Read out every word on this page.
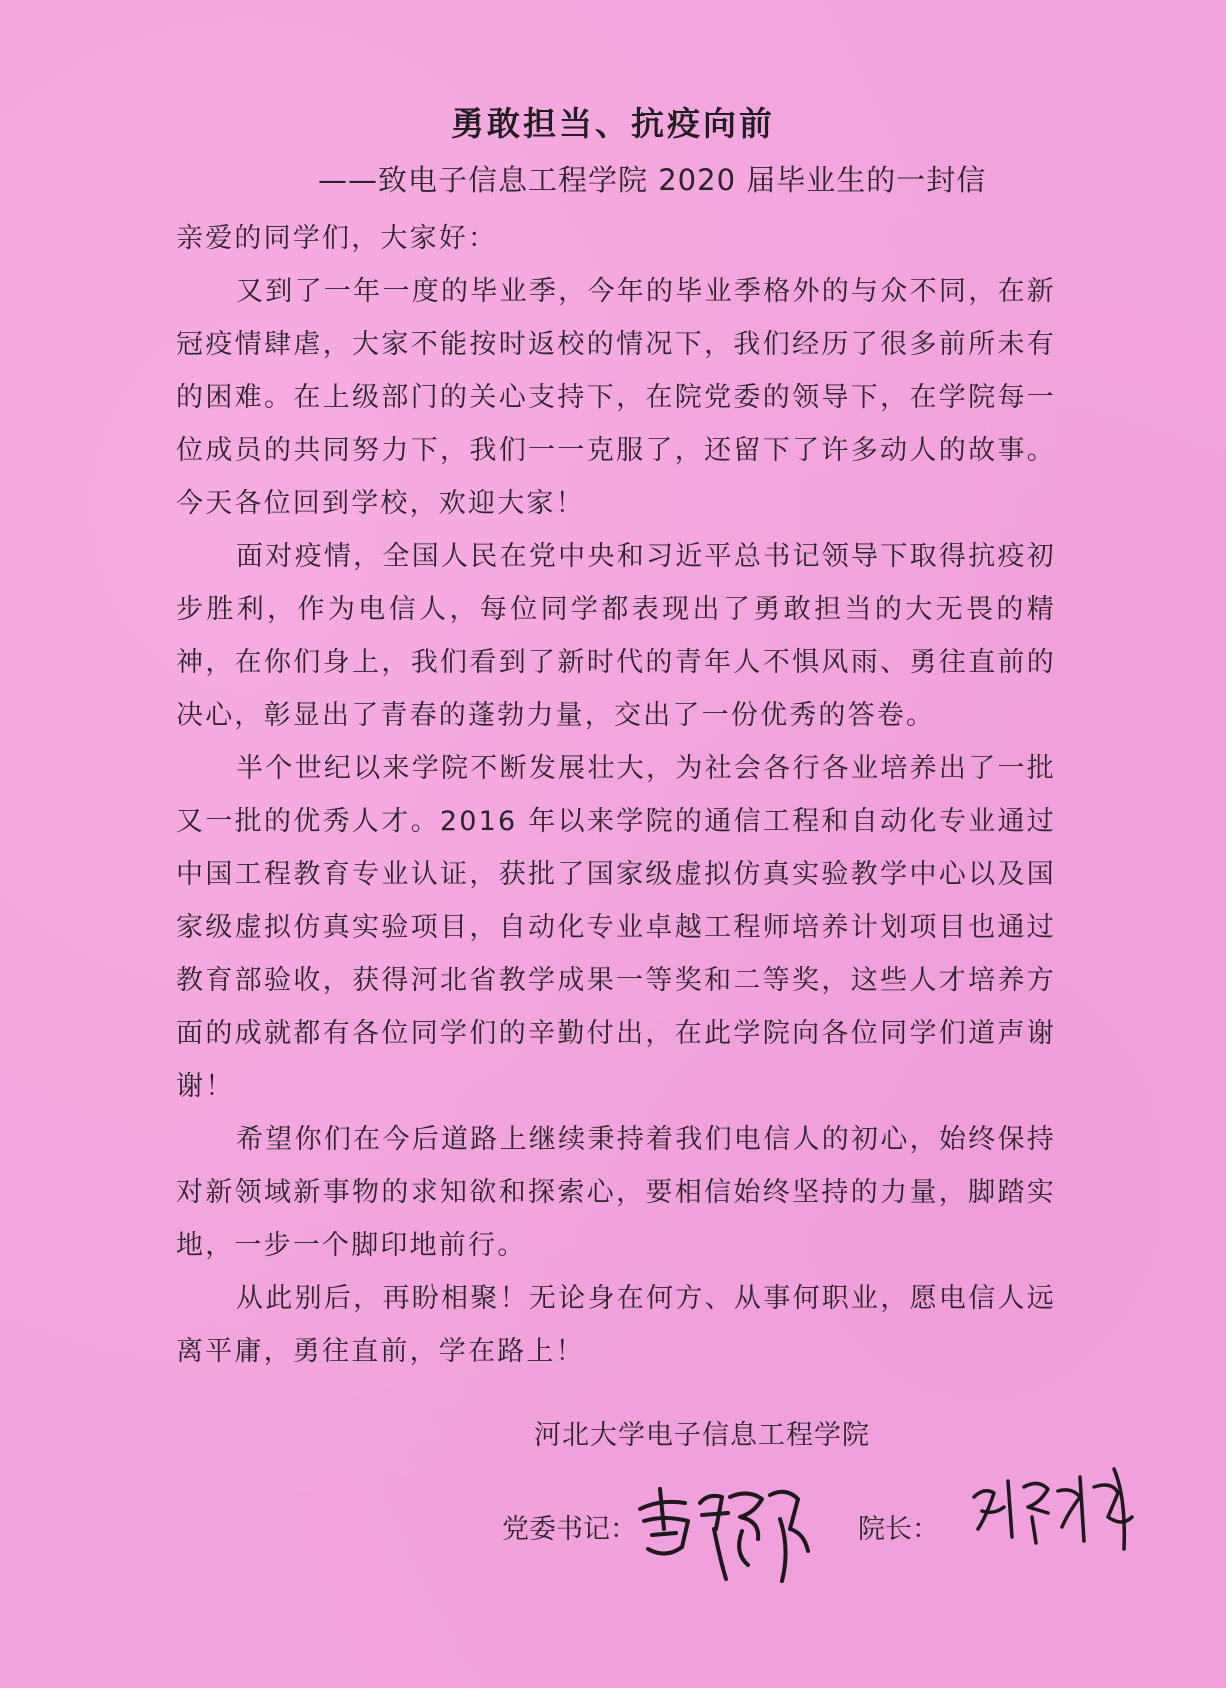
勇敢担当、抗疫向前
——致电子信息工程学院 2020 届毕业生的一封信

亲爱的同学们，大家好：

又到了一年一度的毕业季，今年的毕业季格外的与众不同，在新冠疫情肆虐，大家不能按时返校的情况下，我们经历了很多前所未有的困难。在上级部门的关心支持下，在院党委的领导下，在学院每一位成员的共同努力下，我们一一克服了，还留下了许多动人的故事。今天各位回到学校，欢迎大家！

面对疫情，全国人民在党中央和习近平总书记领导下取得抗疫初步胜利，作为电信人，每位同学都表现出了勇敢担当的大无畏的精神，在你们身上，我们看到了新时代的青年人不惧风雨、勇往直前的决心，彰显出了青春的蓬勃力量，交出了一份优秀的答卷。

半个世纪以来学院不断发展壮大，为社会各行各业培养出了一批又一批的优秀人才。2016 年以来学院的通信工程和自动化专业通过中国工程教育专业认证，获批了国家级虚拟仿真实验教学中心以及国家级虚拟仿真实验项目，自动化专业卓越工程师培养计划项目也通过教育部验收，获得河北省教学成果一等奖和二等奖，这些人才培养方面的成就都有各位同学们的辛勤付出，在此学院向各位同学们道声谢谢！

希望你们在今后道路上继续秉持着我们电信人的初心，始终保持对新领域新事物的求知欲和探索心，要相信始终坚持的力量，脚踏实地，一步一个脚印地前行。

从此别后，再盼相聚！无论身在何方、从事何职业，愿电信人远离平庸，勇往直前，学在路上！

河北大学电子信息工程学院
党委书记：	院长：
